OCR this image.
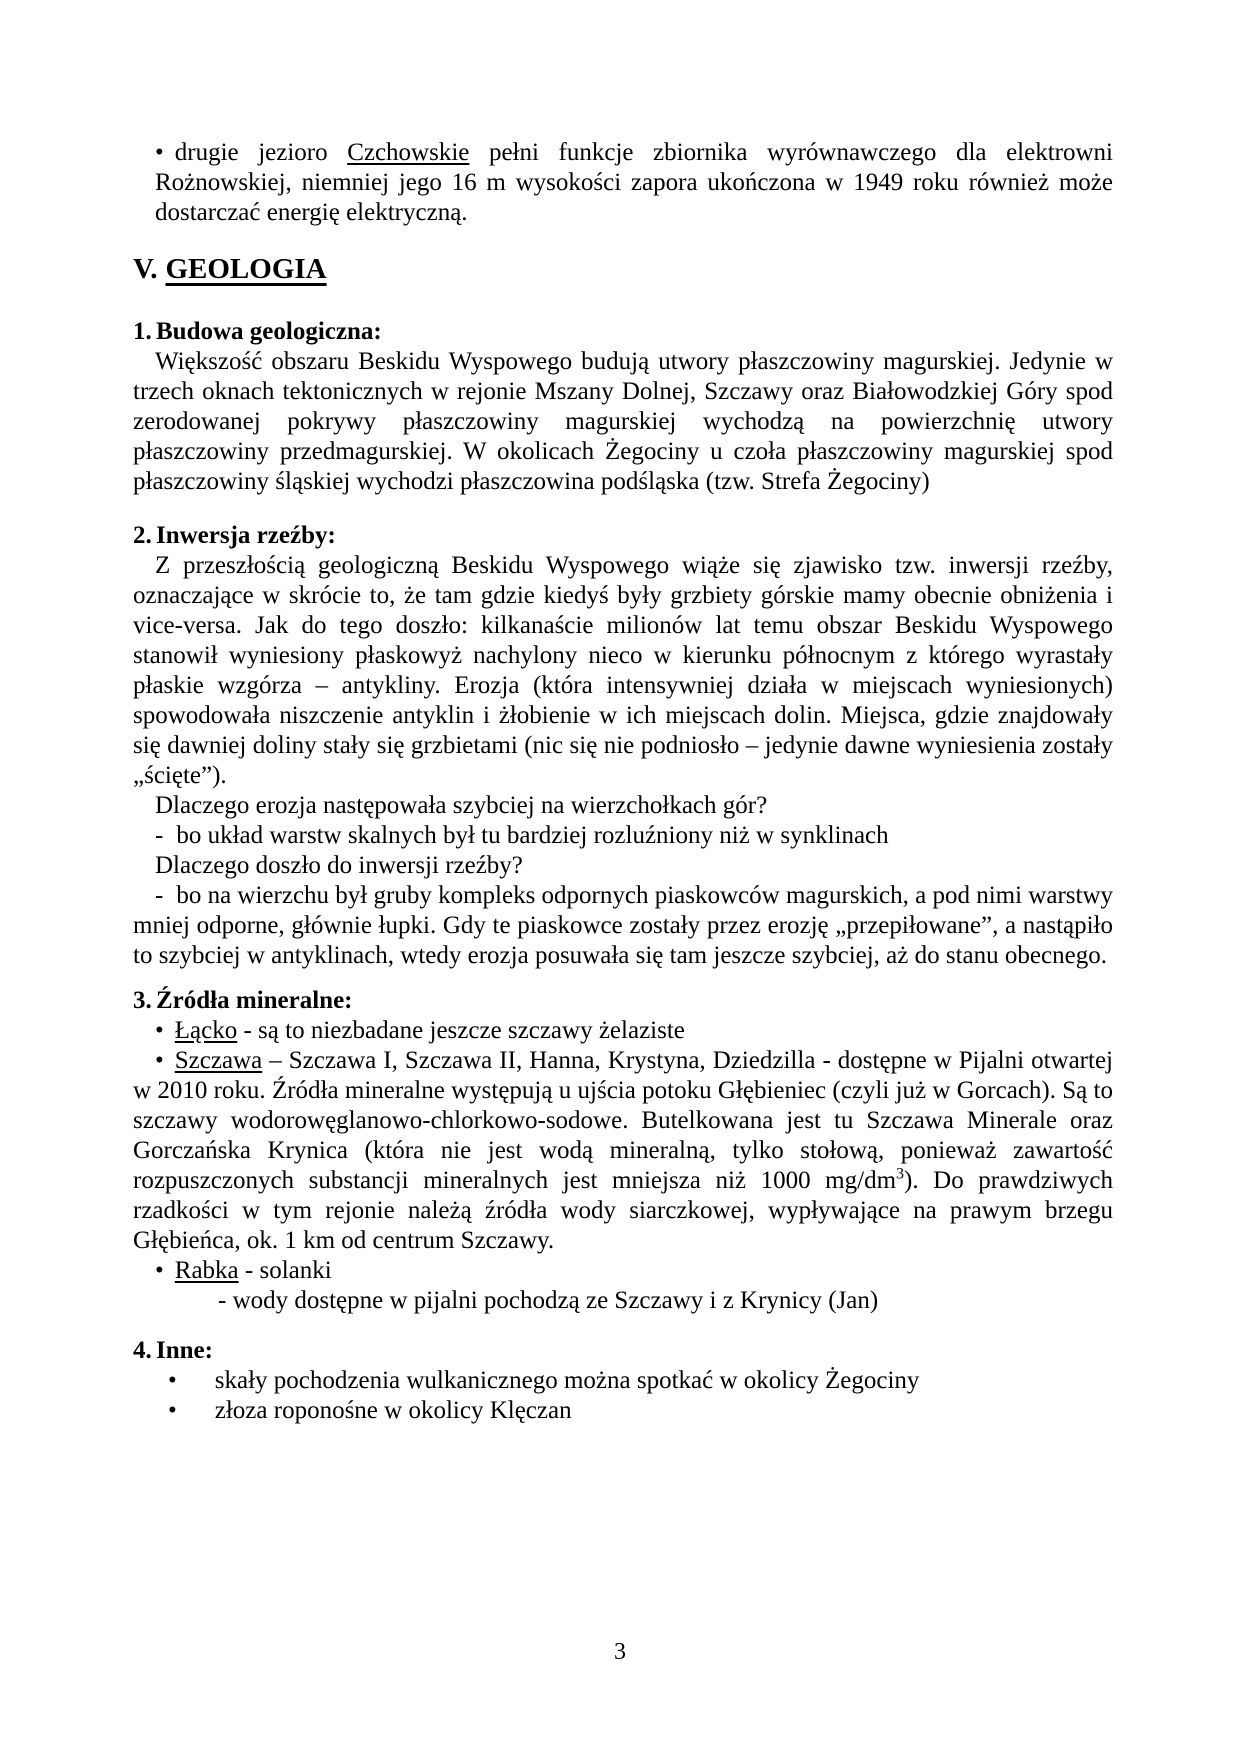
• drugie jezioro Czchowskie pełni funkcje zbiornika wyrównawczego dla elektrowni Rożnowskiej, niemniej jego 16 m wysokości zapora ukończona w 1949 roku również może dostarczać energię elektryczną.

V. GEOLOGIA

1. Budowa geologiczna:

Większość obszaru Beskidu Wyspowego budują utwory płaszczowiny magurskiej. Jedynie w trzech oknach tektonicznych w rejonie Mszany Dolnej, Szczawy oraz Białowodzkiej Góry spod zerodowanej pokrywy płaszczowiny magurskiej wychodzą na powierzchnię utwory płaszczowiny przedmagurskiej. W okolicach Żegociny u czoła płaszczowiny magurskiej spod płaszczowiny śląskiej wychodzi płaszczowina podśląska (tzw. Strefa Żegociny)

2. Inwersja rzeźby:

Z przeszłością geologiczną Beskidu Wyspowego wiąże się zjawisko tzw. inwersji rzeźby, oznaczające w skrócie to, że tam gdzie kiedyś były grzbiety górskie mamy obecnie obniżenia i vice-versa. Jak do tego doszło: kilkanaście milionów lat temu obszar Beskidu Wyspowego stanowił wyniesiony płaskowyż nachylony nieco w kierunku północnym z którego wyrastały płaskie wzgórza – antykliny. Erozja (która intensywniej działa w miejscach wyniesionych) spowodowała niszczenie antyklin i żłobienie w ich miejscach dolin. Miejsca, gdzie znajdowały się dawniej doliny stały się grzbietami (nic się nie podniosło – jedynie dawne wyniesienia zostały „ścięte”).

Dlaczego erozja następowała szybciej na wierzchołkach gór?

- bo układ warstw skalnych był tu bardziej rozluźniony niż w synklinach

Dlaczego doszło do inwersji rzeźby?

- bo na wierzchu był gruby kompleks odpornych piaskowców magurskich, a pod nimi warstwy mniej odporne, głównie łupki. Gdy te piaskowce zostały przez erozję „przepiłowane”, a nastąpiło to szybciej w antyklinach, wtedy erozja posuwała się tam jeszcze szybciej, aż do stanu obecnego.

3. Źródła mineralne:

• Łącko - są to niezbadane jeszcze szczawy żelaziste

• Szczawa – Szczawa I, Szczawa II, Hanna, Krystyna, Dziedzilla - dostępne w Pijalni otwartej w 2010 roku. Źródła mineralne występują u ujścia potoku Głębieniec (czyli już w Gorcach). Są to szczawy wodorowęglanowo-chlorkowo-sodowe. Butelkowana jest tu Szczawa Minerale oraz Gorczańska Krynica (która nie jest wodą mineralną, tylko stołową, ponieważ zawartość rozpuszczonych substancji mineralnych jest mniejsza niż 1000 $mg/dm^3$). Do prawdziwych rzadkości w tym rejonie należą źródła wody siarczkowej, wypływające na prawym brzegu Głębieńca, ok. 1 km od centrum Szczawy.

• Rabka - solanki

- wody dostępne w pijalni pochodzą ze Szczawy i z Krynicy (Jan)

4. Inne:

• skały pochodzenia wulkanicznego można spotkać w okolicy Żegociny

• złoza roponośne w okolicy Klęczan

3
